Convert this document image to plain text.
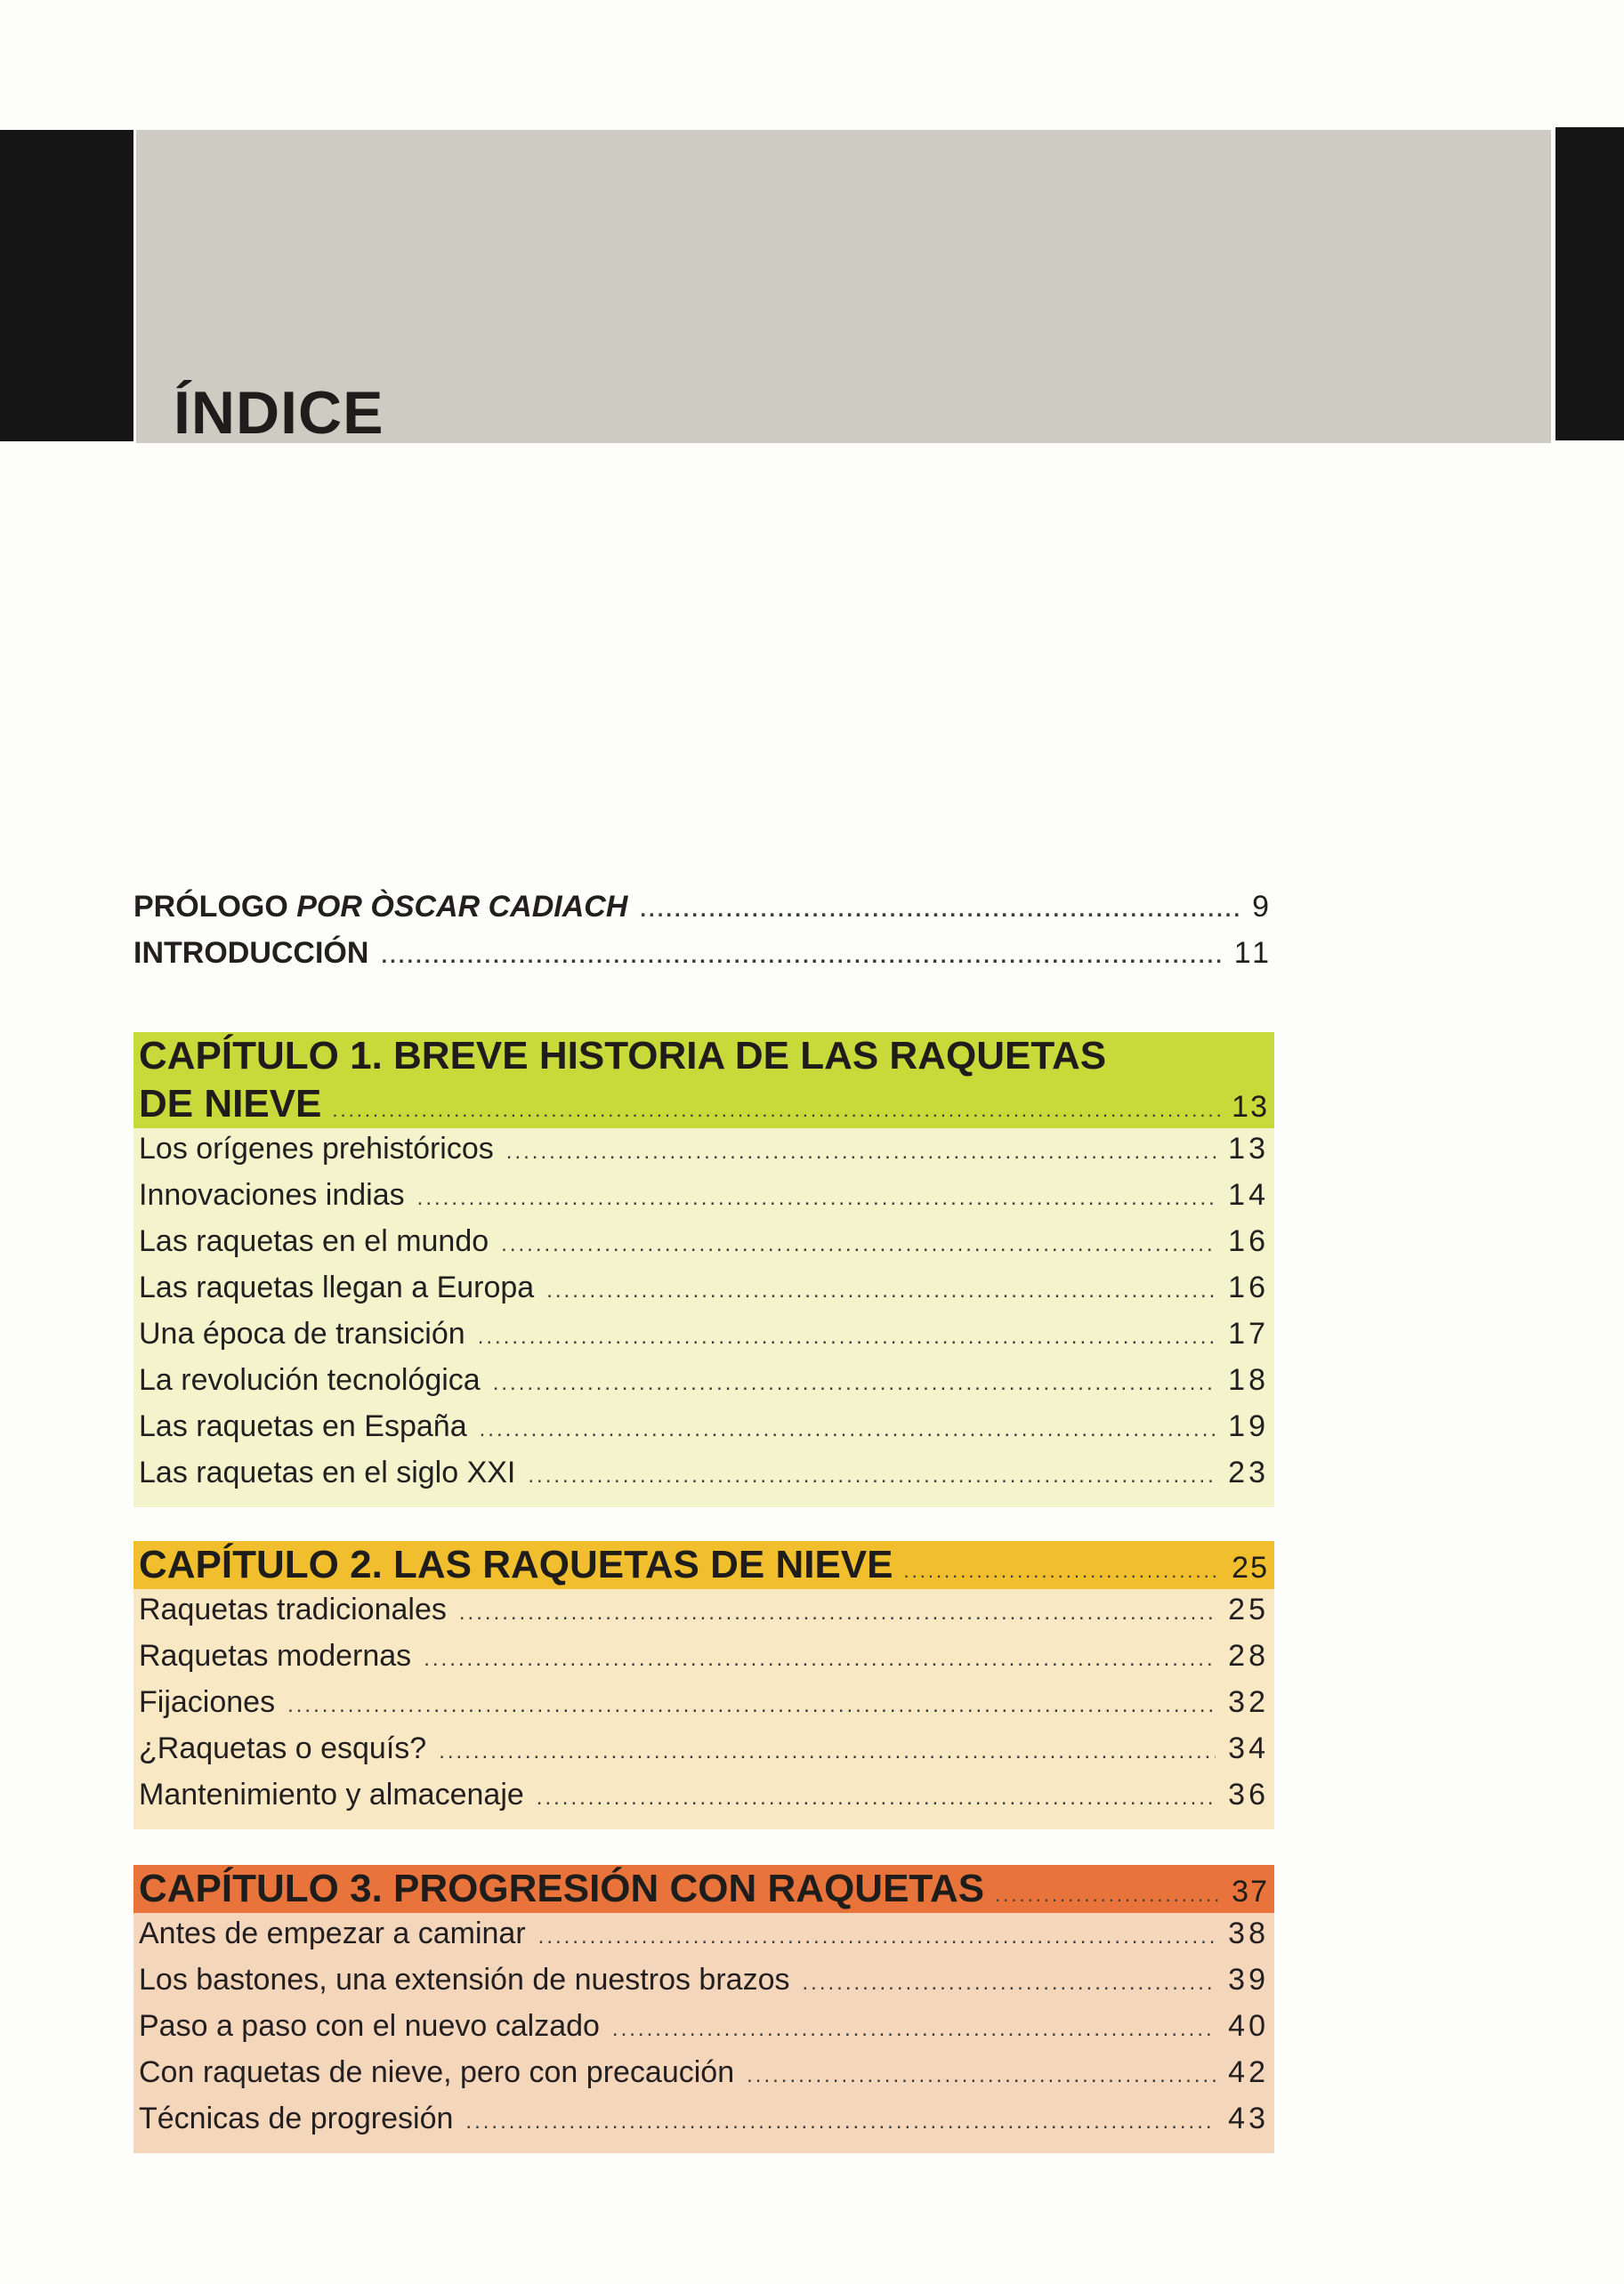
ÍNDICE
PRÓLOGO POR ÒSCAR CADIACH .....	9
INTRODUCCIÓN .....	11
CAPÍTULO 1. BREVE HISTORIA DE LAS RAQUETAS
DE NIEVE .....	13
Los orígenes prehistóricos .....	13
Innovaciones indias .....	14
Las raquetas en el mundo .....	16
Las raquetas llegan a Europa .....	16
Una época de transición .....	17
La revolución tecnológica .....	18
Las raquetas en España .....	19
Las raquetas en el siglo XXI .....	23
CAPÍTULO 2. LAS RAQUETAS DE NIEVE .....	25
Raquetas tradicionales .....	25
Raquetas modernas .....	28
Fijaciones .....	32
¿Raquetas o esquís? .....	34
Mantenimiento y almacenaje .....	36
CAPÍTULO 3. PROGRESIÓN CON RAQUETAS .....	37
Antes de empezar a caminar .....	38
Los bastones, una extensión de nuestros brazos .....	39
Paso a paso con el nuevo calzado .....	40
Con raquetas de nieve, pero con precaución .....	42
Técnicas de progresión .....	43
